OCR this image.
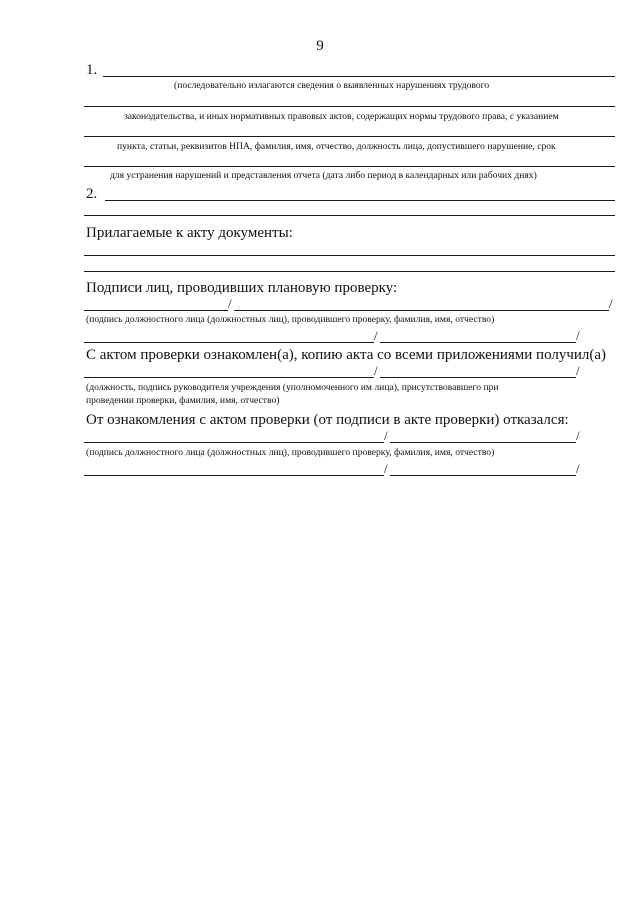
9
1.
(последовательно излагаются сведения о выявленных нарушениях трудового
законодательства, и иных нормативных правовых актов, содержащих нормы трудового права, с указанием
пункта, статьи, реквизитов НПА, фамилия, имя, отчество, должность лица, допустившего нарушение, срок
для устранения нарушений и представления отчета (дата либо период в календарных или рабочих днях)
2.
Прилагаемые к акту документы:
Подписи лиц, проводивших плановую проверку:
/	/
(подпись должностного лица (должностных лиц), проводившего проверку, фамилия, имя, отчество)
/	/
С актом проверки ознакомлен(а), копию акта со всеми приложениями получил(а)
/	/
(должность, подпись руководителя учреждения (уполномоченного им лица), присутствовавшего при
проведении проверки, фамилия, имя, отчество)
От ознакомления с актом проверки (от подписи в акте проверки) отказался:
/	/
(подпись должностного лица (должностных лиц), проводившего проверку, фамилия, имя, отчество)
/	/
